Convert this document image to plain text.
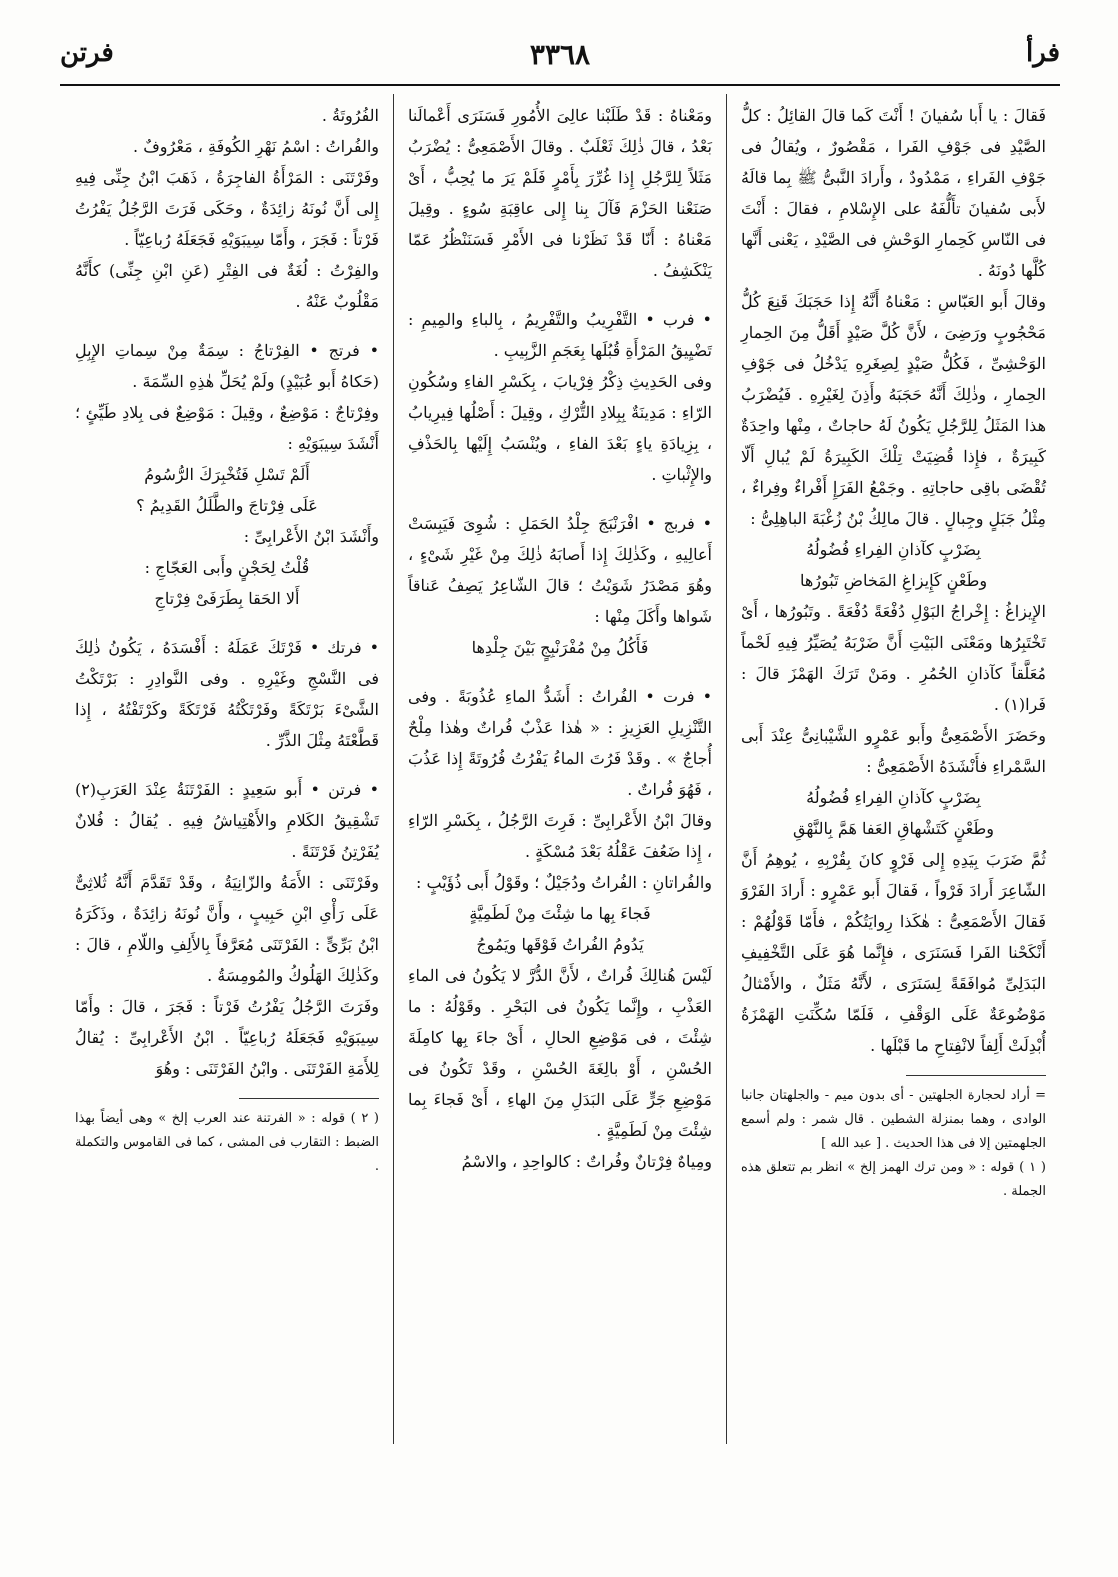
فرأ
٣٣٦٨
فرتن

فَقالَ : يا أَبا سُفيانَ ! أَنْتَ كَما قالَ القائِلُ : كلُّ الصَّيْدِ فى جَوْفِ الفَرا ، مَقْصُورٌ ، ويُقالُ فى جَوْفِ الفَراءِ ، مَمْدُودٌ ، وأَرادَ النَّبىُّ ﷺ بِما قالَهُ لأَبى سُفيانَ تأَلُّفَهُ على الإِسْلامِ ، فقالَ : أَنْتَ فى النّاسِ كَحِمارِ الوَحْشِ فى الصَّيْدِ ، يَعْنى أَنَّها كُلَّها دُونَهُ .

وقالَ أَبو العَبّاسِ : مَعْناهُ أَنَّهُ إِذا حَجَبَكَ قَنِعَ كُلُّ مَحْجُوبٍ ورَضِىَ ، لأَنَّ كُلَّ صَيْدٍ أَقَلُّ مِنَ الحِمارِ الوَحْشِىِّ ، فَكُلُّ صَيْدٍ لِصِغَرِهِ يَدْخُلُ فى جَوْفِ الحِمارِ ، وذٰلِكَ أَنَّهُ حَجَبَهُ وأَذِنَ لِغَيْرِهِ . فَيُضْرَبُ هذا المَثَلُ لِلرَّجُلِ يَكُونُ لَهُ حاجاتٌ ، مِنْها واحِدَةٌ كَبِيرَةٌ ، فإِذا قُضِيَتْ تِلْكَ الكَبِيرَةُ لَمْ يُبالِ أَلّا تُقْضَى باقِى حاجاتِهِ . وجَمْعُ الفَرَإِ أَفْراءٌ وفِراءٌ ، مِثْلُ جَبَلٍ وجِبالٍ . قالَ مالِكُ بْنُ زُغْبَةَ الباهِلِىُّ :

بِضَرْبٍ كآذانِ الفِراءِ فُضُولُهُ

وطَعْنٍ كَإِيزاغِ المَخاضِ تَبُورُها

الإِيزاغُ : إِخْراجُ البَوْلِ دُفْعَةً دُفْعَةً . وتَبُورُها ، أَىْ تَخْتَبِرُها ومَعْنَى البَيْتِ أَنَّ ضَرْبَهُ يُصَيِّرُ فِيهِ لَحْماً مُعَلَّقاً كآذانِ الحُمُرِ . ومَنْ تَرَكَ الهَمْزَ قالَ : فَرا(١) .

وحَضَرَ الأَصْمَعِىُّ وأَبو عَمْرٍو الشَّيْبانِىُّ عِنْدَ أَبى السَّمْراءِ فأَنْشَدَهُ الأَصْمَعِىُّ :

بِضَرْبٍ كآذانِ الفِراءِ فُضُولُهُ

وطَعْنٍ كَتَشْهاقِ العَفا هَمَّ بِالنَّهْقِ

ثُمَّ ضَرَبَ بِيَدِهِ إِلى فَرْوٍ كانَ بِقُرْبِهِ ، يُوهِمُ أَنَّ الشّاعِرَ أَرادَ فَرْواً ، فَقالَ أَبو عَمْرٍو : أَرادَ الفَرْوَ فَقالَ الأَصْمَعِىُّ : هٰكَذا رِوايَتُكُمْ ، فأَمّا قَوْلُهُمْ : أَنْكَحْنا الفَرا فَسَنَرَى ، فإِنَّما هُوَ عَلَى التَّخْفِيفِ البَدَلِىِّ مُوافَقَةً لِسَنَرَى ، لأَنَّهُ مَثَلٌ ، والأَمْثالُ مَوْضُوعَةٌ عَلَى الوَقْفِ ، فَلَمّا سُكِّنَتِ الهَمْزَةُ أُبْدِلَتْ أَلِفاً لانْفِتاحِ ما قَبْلَها .

= أراد لحجارة الجلهتين - أى بدون ميم - والجلهتان جانبا الوادى ، وهما بمنزلة الشطين . قال شمر : ولم أسمع الجلهمتين إلا فى هذا الحديث . [ عبد الله ]

( ١ ) قوله : « ومن ترك الهمز إلخ » انظر بم تتعلق هذه الجملة .

ومَعْناهُ : قَدْ طَلَبْنا عالِىَ الأُمُورِ فَسَنَرَى أَعْمالَنا بَعْدُ ، قالَ ذٰلِكَ ثَعْلَبٌ . وقالَ الأَصْمَعِىُّ : يُضْرَبُ مَثَلاً لِلرَّجُلِ إِذا غُرِّرَ بِأَمْرٍ فَلَمْ يَرَ ما يُحِبُّ ، أَىْ صَنَعْنا الحَزْمَ فَآلَ بِنا إِلى عاقِبَةِ سُوءٍ . وقِيلَ مَعْناهُ : أَنّا قَدْ نَظَرْنا فى الأَمْرِ فَسَنَنْظُرُ عَمّا يَنْكَشِفُ .

• فرب • التَّفْرِيبُ والتَّفْرِيمُ ، بِالباءِ والمِيمِ : تَضْيِيقُ المَرْأَةِ قُبُلَها بِعَجَمِ الزَّبِيبِ .

وفى الحَدِيثِ ذِكْرُ فِرْيابَ ، بِكَسْرِ الفاءِ وسُكُونِ الرّاءِ : مَدِينَةٌ بِبِلادِ التُّرْكِ ، وقِيلَ : أَصْلُها فِيرِيابُ ، بِزِيادَةِ ياءٍ بَعْدَ الفاءِ ، ويُنْسَبُ إِلَيْها بِالحَذْفِ والإِثْباتِ .

• فربج • افْرَنْبَجَ جِلْدُ الحَمَلِ : شُوِىَ فَيَبِسَتْ أَعالِيهِ ، وكَذٰلِكَ إِذا أَصابَهُ ذٰلِكَ مِنْ غَيْرِ شَىْءٍ ، وهُوَ مَصْدَرُ شَوَيْتُ ؛ قالَ الشّاعِرُ يَصِفُ عَناقاً شَواها وأَكَلَ مِنْها :

فَأَكُلُ مِنْ مُفْرَنْبِجٍ بَيْنَ جِلْدِها

• فرت • الفُراتُ : أَشَدُّ الماءِ عُذُوبَةً . وفى التَّنْزِيلِ العَزِيزِ : « هٰذا عَذْبٌ فُراتٌ وهٰذا مِلْحٌ أُجاجٌ » . وقَدْ فَرُتَ الماءُ يَفْرُتُ فُرُوتَةً إِذا عَذُبَ ، فَهُوَ فُراتٌ .

وقالَ ابْنُ الأَعْرابِىِّ : فَرِتَ الرَّجُلُ ، بِكَسْرِ الرّاءِ ، إِذا ضَعُفَ عَقْلُهُ بَعْدَ مُسْكَةٍ .

والفُراتانِ : الفُراتُ ودُجَيْلٌ ؛ وقَوْلُ أَبى ذُؤَيْبٍ :

فَجاءَ بِها ما شِئْتَ مِنْ لَطَمِيَّةٍ

يَدُومُ الفُراتُ فَوْقَها ويَمُوجُ

لَيْسَ هُنالِكَ فُراتٌ ، لأَنَّ الدُّرَّ لا يَكُونُ فى الماءِ العَذْبِ ، وإِنَّما يَكُونُ فى البَحْرِ . وقَوْلُهُ : ما شِئْتَ ، فى مَوْضِعِ الحالِ ، أَىْ جاءَ بِها كامِلَةَ الحُسْنِ ، أَوْ بالِغَةَ الحُسْنِ ، وقَدْ تَكُونُ فى مَوْضِعِ جَرٍّ عَلَى البَدَلِ مِنَ الهاءِ ، أَىْ فَجاءَ بِما شِئْتَ مِنْ لَطَمِيَّةٍ .

ومِياهٌ فِرْتانٌ وفُراتٌ : كالواحِدِ ، والاسْمُ

الفُرُوتَةُ .

والفُراتُ : اسْمُ نَهْرِ الكُوفَةِ ، مَعْرُوفٌ .

وفَرْتَنَى : المَرْأَةُ الفاجِرَةُ ، ذَهَبَ ابْنُ جِنِّى فِيهِ إِلى أَنَّ نُونَهُ زائِدَةٌ ، وحَكَى فَرَتَ الرَّجُلُ يَفْرُتُ فَرْتاً : فَجَرَ ، وأَمّا سِيبَوَيْهِ فَجَعَلَهُ رُباعِيّاً .

والفِرْتُ : لُغَةٌ فى الفِتْرِ (عَنِ ابْنِ جِنِّى) كأَنَّهُ مَقْلُوبٌ عَنْهُ .

• فرتج • الفِرْتاجُ : سِمَةٌ مِنْ سِماتِ الإِبِلِ (حَكاهُ أَبو عُبَيْدٍ) ولَمْ يُحَلِّ هٰذِهِ السِّمَةَ .

وفِرْتاجٌ : مَوْضِعٌ ، وقِيلَ : مَوْضِعٌ فى بِلادِ طَيِّئٍ ؛ أَنْشَدَ سِيبَوَيْهِ :

أَلَمْ تَسْلِ فَتُخْبِرَكَ الرُّسُومُ

عَلَى فِرْتاجَ والطَّلَلُ القَدِيمُ ؟

وأَنْشَدَ ابْنُ الأَعْرابِىِّ :

قُلْتُ لِحَجْنٍ وأَبى العَجّاجِ :

أَلا الحَقا بِطَرَفَىْ فِرْتاجِ

• فرتك • فَرْتَكَ عَمَلَهُ : أَفْسَدَهُ ، يَكُونُ ذٰلِكَ فى النَّسْجِ وغَيْرِهِ . وفى النَّوادِرِ : بَرْتَكْتُ الشَّىْءَ بَرْتَكَةً وفَرْتَكْتُهُ فَرْتَكَةً وكَرْتَفْتُهُ ، إِذا قَطَّعْتَهُ مِثْلَ الذَّرِّ .

• فرتن • أَبو سَعِيدٍ : الفَرْتَنَةُ عِنْدَ العَرَبِ(٢) تَشْقِيقُ الكَلامِ والأَهْتِياشُ فِيهِ . يُقالُ : فُلانٌ يُفَرْتِنُ فَرْتَنَةً .

وفَرْتَنَى : الأَمَةُ والزّانِيَةُ ، وقَدْ تَقَدَّمَ أَنَّهُ ثُلاثِىٌّ عَلَى رَأْىِ ابْنِ حَبِيبٍ ، وأَنَّ نُونَهُ زائِدَةٌ ، وذَكَرَهُ ابْنُ بَرِّىٍّ : الفَرْتَنَى مُعَرَّفاً بِالأَلِفِ واللّامِ ، قالَ : وكَذٰلِكَ الهَلُوكُ والمُومِسَةُ .

وفَرَتَ الرَّجُلُ يَفْرُتُ فَرْتاً : فَجَرَ ، قالَ : وأَمّا سِيبَوَيْهِ فَجَعَلَهُ رُباعِيّاً . ابْنُ الأَعْرابِىِّ : يُقالُ لِلأَمَةِ الفَرْتَنَى . وابْنُ الفَرْتَنَى : وهُوَ

( ٢ ) قوله : « الفرتنة عند العرب إلخ » وهى أيضاً بهذا الضبط : التقارب فى المشى ، كما فى القاموس والتكملة .
